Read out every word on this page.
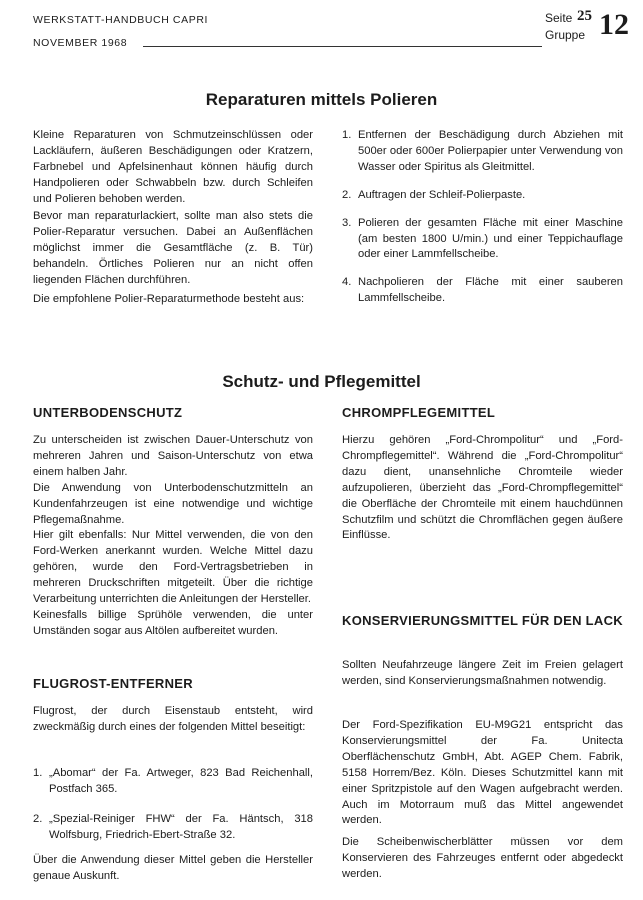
WERKSTATT-HANDBUCH CAPRI
NOVEMBER 1968
Seite 25
Gruppe 12
Reparaturen mittels Polieren

Kleine Reparaturen von Schmutzeinschlüssen oder Lackläufern, äußeren Beschädigungen oder Kratzern, Farbnebel und Apfelsinenhaut können häufig durch Handpolieren oder Schwabbeln bzw. durch Schleifen und Polieren behoben werden.

Bevor man reparaturlackiert, sollte man also stets die Polier-Reparatur versuchen. Dabei an Außenflächen möglichst immer die Gesamtfläche (z. B. Tür) behandeln. Örtliches Polieren nur an nicht offen liegenden Flächen durchführen.

Die empfohlene Polier-Reparaturmethode besteht aus:

1. Entfernen der Beschädigung durch Abziehen mit 500er oder 600er Polierpapier unter Verwendung von Wasser oder Spiritus als Gleitmittel.
2. Auftragen der Schleif-Polierpaste.
3. Polieren der gesamten Fläche mit einer Maschine (am besten 1800 U/min.) und einer Teppichauflage oder einer Lammfellscheibe.
4. Nachpolieren der Fläche mit einer sauberen Lammfellscheibe.
Schutz- und Pflegemittel
UNTERBODENSCHUTZ
Zu unterscheiden ist zwischen Dauer-Unterschutz von mehreren Jahren und Saison-Unterschutz von etwa einem halben Jahr.
Die Anwendung von Unterbodenschutzmitteln an Kundenfahrzeugen ist eine notwendige und wichtige Pflegemaßnahme.
Hier gilt ebenfalls: Nur Mittel verwenden, die von den Ford-Werken anerkannt wurden. Welche Mittel dazu gehören, wurde den Ford-Vertragsbetrieben in mehreren Druckschriften mitgeteilt. Über die richtige Verarbeitung unterrichten die Anleitungen der Hersteller.
Keinesfalls billige Sprühöle verwenden, die unter Umständen sogar aus Altölen aufbereitet wurden.
FLUGROST-ENTFERNER

Flugrost, der durch Eisenstaub entsteht, wird zweckmäßig durch eines der folgenden Mittel beseitigt:

1. „Abomar“ der Fa. Artweger, 823 Bad Reichenhall, Postfach 365.
2. „Spezial-Reiniger FHW“ der Fa. Häntsch, 318 Wolfsburg, Friedrich-Ebert-Straße 32.

Über die Anwendung dieser Mittel geben die Hersteller genaue Auskunft.

CHROMPFLEGEMITTEL

Hierzu gehören „Ford-Chrompolitur“ und „Ford-Chrompflegemittel“. Während die „Ford-Chrompolitur“ dazu dient, unansehnliche Chromteile wieder aufzupolieren, überzieht das „Ford-Chrompflegemittel“ die Oberfläche der Chromteile mit einem hauchdünnen Schutzfilm und schützt die Chromflächen gegen äußere Einflüsse.

KONSERVIERUNGSMITTEL FÜR DEN LACK

Sollten Neufahrzeuge längere Zeit im Freien gelagert werden, sind Konservierungsmaßnahmen notwendig.

Der Ford-Spezifikation EU-M9G21 entspricht das Konservierungsmittel der Fa. Unitecta Oberflächenschutz GmbH, Abt. AGEP Chem. Fabrik, 5158 Horrem/Bez. Köln. Dieses Schutzmittel kann mit einer Spritzpistole auf den Wagen aufgebracht werden. Auch im Motorraum muß das Mittel angewendet werden.

Die Scheibenwischerblätter müssen vor dem Konservieren des Fahrzeuges entfernt oder abgedeckt werden.
